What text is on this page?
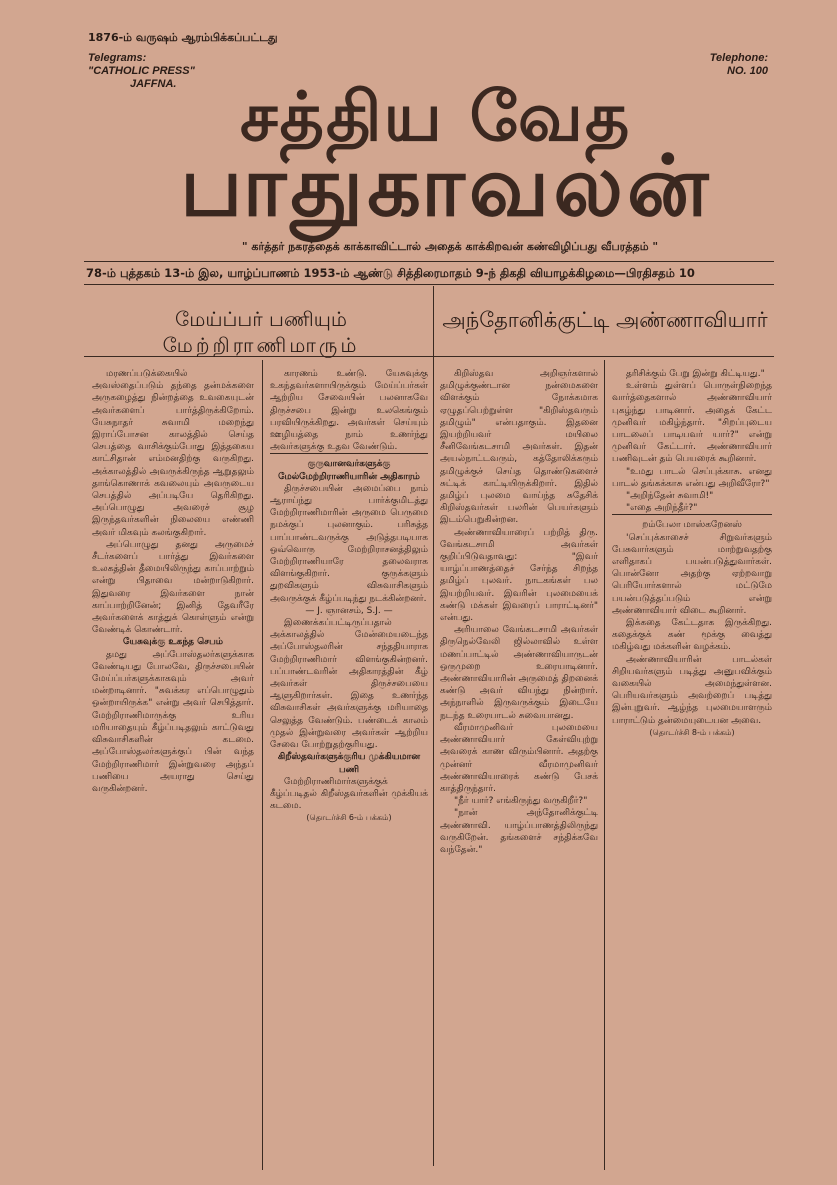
1876-ம் வருஷம் ஆரம்பிக்கப்பட்டது
Telegrams:
"CATHOLIC PRESS"
JAFFNA.
Telephone:
NO. 100
சத்திய வேத
பாதுகாவலன்
" கர்த்தர் நகரத்தைக் காக்காவிட்டால் அதைக் காக்கிறவன் கண்விழிப்பது வீபரத்தம் "
78-ம் புத்தகம் 13-ம் இல, யாழ்ப்பாணம் 1953-ம் ஆண்டு சித்திரைமாதம் 9-ந் திகதி வியாழக்கிழமை—பிரதிசதம் 10
மேய்ப்பர் பணியும்
மேற்றிராணிமாரும்
அந்தோனிக்குட்டி அண்ணாவியார்

மரணப்படுக்கையில் அவஸ்தைப்படும் தந்தை தன்மக்களை அருகழைத்து நின்றத்தை உவகையுடன் அவர்களைப் பார்த்திருக்கிறோம். யேசுநாதர் சுவாமி மறைந்து இராப்போசன காலத்தில் செய்த செபத்தை வாசிக்கும்போது இத்தகைய காட்சிதான் எம்மனதிற்கு வருகிறது. அக்காலத்தில் அவருக்கிருந்த ஆறுதலும் தாங்கொணாக் கவலையும் அவருடைய செபத்தில் அப்படியே தெரிகிறது. அப்பொழுது அவரைச் சூழ இருந்தவர்களின் நிலையை எண்ணி அவர் மிகவும் கலங்குகிறார்.

அப்பொழுது தனது அருமைச் சீடர்களைப் பார்த்து இவர்களை உலகத்தின் தீமையிலிருந்து காப்பாற்றும் என்று பிதாவை மன்றாடுகிறார். இதுவரை இவர்களை நான் காப்பாற்றினேன்; இனித் தேவரீரே அவர்களைக் காத்துக் கொள்ளும் என்று வேண்டிக் கொண்டார்.

யேசுவுக்கு உகந்த செபம்

தமது அப்போஸ்தலர்களுக்காக வேண்டியது போலவே, திருச்சபையின் மேய்ப்பர்களுக்காகவும் அவர் மன்றாடினார். "சுவக்கர எப்பொழுதும் ஒன்றாயிருக்க" என்று அவர் செபித்தார். மேற்றிராணிமாருக்கு உரிய மரியாதையும் கீழ்ப்படிதலும் காட்டுவது விசுவாசிகளின் கடமை. அப்போஸ்தலர்களுக்குப் பின் வந்த மேற்றிராணிமார் இன்றுவரை அந்தப் பணியை அயராது செய்து வருகின்றனர்.

காரணம் உண்டு. யேசுவுக்கு உகந்தவர்களாயிருக்கும் மேய்ப்பர்கள் ஆற்றிய சேவையின் பலனாகவே திருச்சபை இன்று உலகெங்கும் பரவியிருக்கிறது. அவர்கள் செய்யும் ஊழியத்தை நாம் உணர்ந்து அவர்களுக்கு உதவ வேண்டும்.

குருவானவர்களுக்கு மேல்மேற்றிராணியாரின் அதிகாரம்

திருச்சபையின் அமைப்பை நாம் ஆராய்ந்து பார்க்குமிடத்து மேற்றிராணிமாரின் அருமை பெருமை நமக்குப் புலனாகும். பரிசுத்த பாப்பாண்டவருக்கு அடுத்தபடியாக ஒவ்வொரு மேற்றிராசனத்திலும் மேற்றிராணியாரே தலைவராக விளங்குகிறார். குருக்களும் துறவிகளும் விசுவாசிகளும் அவருக்குக் கீழ்ப்படிந்து நடக்கின்றனர்.

— J. ஞானசம், S.J. —

இணைக்கப்பட்டிருப்பதால் அக்காலத்தில் மேன்மையடைந்த அப்போஸ்தலரின் சந்ததியாராக மேற்றிராணிமார் விளங்குகின்றனர். பப்பாண்டவரின் அதிகாரத்தின் கீழ் அவர்கள் திருச்சபையை ஆளுகிறார்கள். இதை உணர்ந்த விசுவாசிகள் அவர்களுக்கு மரியாதை செலுத்த வேண்டும். பண்டைக் காலம் முதல் இன்றுவரை அவர்கள் ஆற்றிய சேவை போற்றுதற்குரியது.

கிறீஸ்தவர்களுக்குரிய முக்கியமான பணி

மேற்றிராணிமார்களுக்குக் கீழ்ப்படிதல் கிறீஸ்தவர்களின் முக்கியக் கடமை.

(தொடர்ச்சி 6-ம் பக்கம்)

கிறிஸ்தவ அறிஞர்களால் தமிழுக்குண்டான நன்மைகளை விளக்கும் நோக்கமாக ஏழுதப்பெற்றுள்ள "கிறிஸ்தவரும் தமிழும்" என்பதாகும். இதனை இயற்றியவர் மயிலை சீனிவேங்கடசாமி அவர்கள். இதன் அயல்நாட்டவரும், கத்தோலிக்கரும் தமிழுக்குச் செய்த தொண்டுகளைச் சுட்டிக் காட்டியிருக்கிறார். இதில் தமிழ்ப் புலமை வாய்ந்த சுதேசிக் கிறிஸ்தவர்கள் பலரின் பெயர்களும் இடம்பெறுகின்றன.

அண்ணாவியாரைப் பற்றித் திரு. வேங்கடசாமி அவர்கள் குறிப்பிடுவதாவது: "இவர் யாழ்ப்பாணத்தைச் சேர்ந்த சிறந்த தமிழ்ப் புலவர். நாடகங்கள் பல இயற்றியவர். இவரின் புலமையைக் கண்டு மக்கள் இவரைப் பாராட்டினர்" என்பது.

அரியாலை வேங்கடசாமி அவர்கள் திருநெல்வேலி ஜில்லாவில் உள்ள மணப்பாட்டில் அண்ணாவியாருடன் ஒருமுறை உரையாடினார். அண்ணாவியாரின் அருமைத் திறனைக் கண்டு அவர் வியந்து நின்றார். அந்நாளில் இருவருக்கும் இடையே நடந்த உரையாடல் சுவையானது.

வீரமாமுனிவர் புலமையை அண்ணாவியார் கேள்வியுற்று அவரைக் காண விரும்பினார். அதற்கு முன்னர் வீரமாமுனிவர் அண்ணாவியாரைக் கண்டு பேசக் காத்திருந்தார்.

"நீர் யார்? எங்கிருந்து வருகிறீர்?"

"நான் அந்தோனிக்குட்டி அண்ணாவி. யாழ்ப்பாணத்திலிருந்து வருகிறேன். தங்களைச் சந்திக்கவே வந்தேன்."

தரிசிக்கும் பேறு இன்று கிட்டியது."

உள்ளம் துள்ளப் பொருள்நிறைந்த வார்த்தைகளால் அண்ணாவியார் புகழ்ந்து பாடினார். அதைக் கேட்ட முனிவர் மகிழ்ந்தார். "சிறப்புடைய பாடலைப் பாடியவர் யார்?" என்று முனிவர் கேட்டார். அண்ணாவியார் பணிவுடன் தம் பெயரைக் கூறினார்.

"உமது பாடல் செப்புக்காசு. எனது பாடல் தங்கக்காசு என்பது அறிவீரோ?"

"அறிந்தேன் சுவாமி!"

"எதை அறிந்தீர்?"

றம்பேலா மாஸ்கறேனஸ்

'செப்புக்காசைச் சிறுவர்களும் பேசுவார்களும் மாற்றுவதற்கு எளிதாகப் பயன்படுத்துவார்கள். பொன்னோ அதற்கு ஏற்றவாறு பெரியோர்களால் மட்டுமே பயன்படுத்தப்படும் என்று அண்ணாவியார் விடை கூறினார்.

இக்கதை கேட்டதாக இருக்கிறது. கதைக்குக் கண் மூக்கு வைத்து மகிழ்வது மக்களின் வழக்கம்.

அண்ணாவியாரின் பாடல்கள் சிறியவர்களும் படித்து அனுபவிக்கும் வகையில் அமைந்துள்ளன. பெரியவர்களும் அவற்றைப் படித்து இன்புறுவர். ஆழ்ந்த புலமையாளரும் பாராட்டும் தன்மையுடையன அவை.

(தொடர்ச்சி 8-ம் பக்கம்)
